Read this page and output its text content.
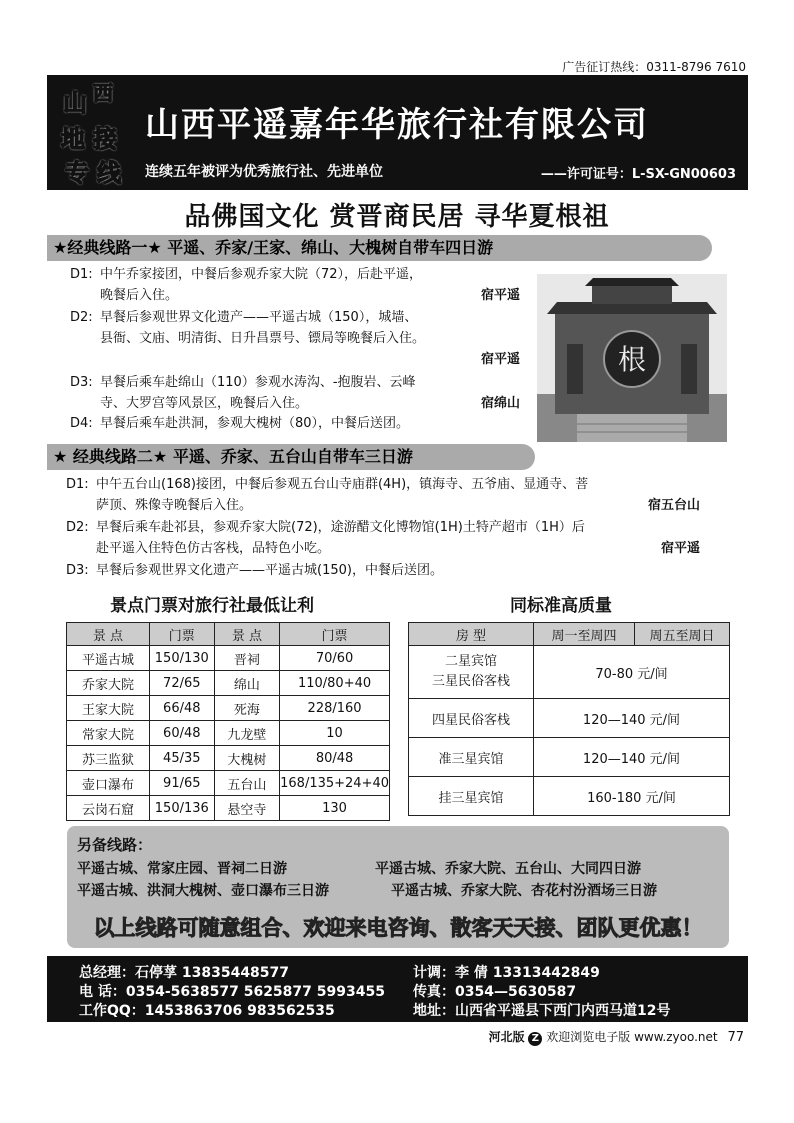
广告征订热线：0311-8796 7610
山 西
地 接
专 线
山西平遥嘉年华旅行社有限公司
连续五年被评为优秀旅行社、先进单位	——许可证号：L-SX-GN00603
品佛国文化 赏晋商民居 寻华夏根祖
★经典线路一★ 平遥、乔家/王家、绵山、大槐树自带车四日游
D1: 中午乔家接团，中餐后参观乔家大院（72），后赴平遥，
晚餐后入住。	宿平遥
D2: 早餐后参观世界文化遗产——平遥古城（150），城墙、
县衙、文庙、明清街、日升昌票号、镖局等晚餐后入住。

宿平遥
D3: 早餐后乘车赴绵山（110）参观水涛沟、-抱腹岩、云峰
寺、大罗宫等风景区，晚餐后入住。	宿绵山
D4: 早餐后乘车赴洪洞，参观大槐树（80），中餐后送团。
根
★ 经典线路二★ 平遥、乔家、五台山自带车三日游
D1: 中午五台山(168)接团，中餐后参观五台山寺庙群(4H)，镇海寺、五爷庙、显通寺、菩
萨顶、殊像寺晚餐后入住。	宿五台山
D2: 早餐后乘车赴祁县，参观乔家大院(72)，途游醋文化博物馆(1H)土特产超市（1H）后
赴平遥入住特色仿古客栈，品特色小吃。	宿平遥
D3: 早餐后参观世界文化遗产——平遥古城(150)，中餐后送团。
景点门票对旅行社最低让利
景 点	门票	景 点	门票
平遥古城	150/130	晋祠	70/60
乔家大院	72/65	绵山	110/80+40
王家大院	66/48	死海	228/160
常家大院	60/48	九龙壁	10
苏三监狱	45/35	大槐树	80/48
壶口瀑布	91/65	五台山	168/135+24+40
云岗石窟	150/136	悬空寺	130
同标准高质量
房 型	周一至周四	周五至周日
二星宾馆
三星民俗客栈	70-80 元/间	
四星民俗客栈	120—140 元/间	
准三星宾馆	120—140 元/间	
挂三星宾馆	160-180 元/间	
另备线路：
平遥古城、常家庄园、晋祠二日游	平遥古城、乔家大院、五台山、大同四日游
平遥古城、洪洞大槐树、壶口瀑布三日游	平遥古城、乔家大院、杏花村汾酒场三日游
以上线路可随意组合、欢迎来电咨询、散客天天接、团队更优惠！
总经理：石停莩 13835448577
电 话：0354-5638577 5625877 5993455
工作QQ：1453863706 983562535
计调：李 倩 13313442849
传真：0354—5630587
地址：山西省平遥县下西门内西马道12号
河北版 Z 欢迎浏览电子版 www.zyoo.net 77
